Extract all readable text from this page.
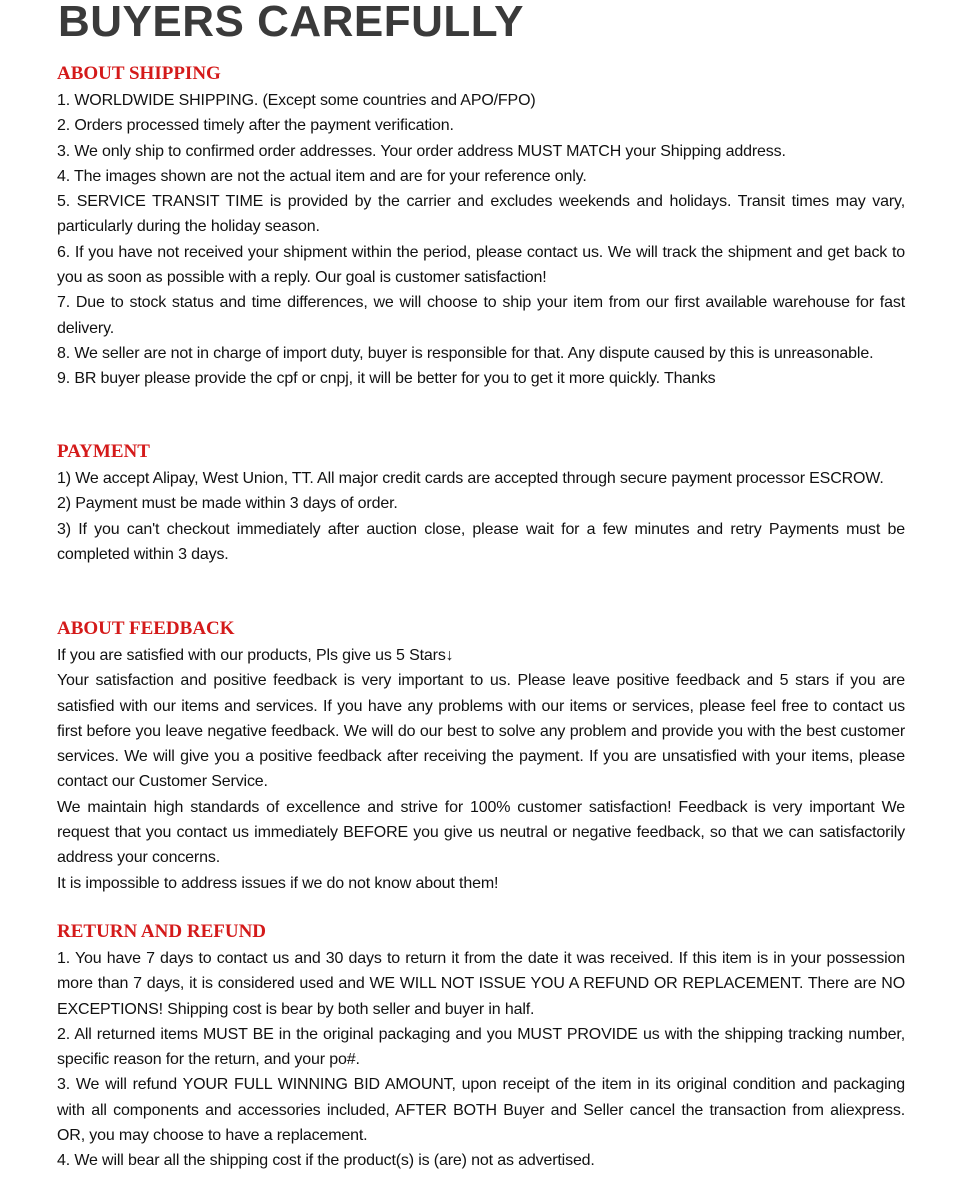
BUYERS CAREFULLY
ABOUT SHIPPING

1. WORLDWIDE SHIPPING. (Except some countries and APO/FPO)

2. Orders processed timely after the payment verification.

3. We only ship to confirmed order addresses. Your order address MUST MATCH your Shipping address.

4. The images shown are not the actual item and are for your reference only.

5. SERVICE TRANSIT TIME is provided by the carrier and excludes weekends and holidays. Transit times may vary, particularly during the holiday season.

6. If you have not received your shipment within the period, please contact us. We will track the shipment and get back to you as soon as possible with a reply. Our goal is customer satisfaction!

7. Due to stock status and time differences, we will choose to ship your item from our first available warehouse for fast delivery.

8. We seller are not in charge of import duty, buyer is responsible for that. Any dispute caused by this is unreasonable.

9. BR buyer please provide the cpf or cnpj, it will be better for you to get it more quickly. Thanks

PAYMENT

1) We accept Alipay, West Union, TT. All major credit cards are accepted through secure payment processor ESCROW.

2) Payment must be made within 3 days of order.

3) If you can't checkout immediately after auction close, please wait for a few minutes and retry Payments must be completed within 3 days.

ABOUT FEEDBACK

If you are satisfied with our products, Pls give us 5 Stars↓

Your satisfaction and positive feedback is very important to us. Please leave positive feedback and 5 stars if you are satisfied with our items and services. If you have any problems with our items or services, please feel free to contact us first before you leave negative feedback. We will do our best to solve any problem and provide you with the best customer services. We will give you a positive feedback after receiving the payment. If you are unsatisfied with your items, please contact our Customer Service.

We maintain high standards of excellence and strive for 100% customer satisfaction! Feedback is very important We request that you contact us immediately BEFORE you give us neutral or negative feedback, so that we can satisfactorily address your concerns.

It is impossible to address issues if we do not know about them!

RETURN AND REFUND

1. You have 7 days to contact us and 30 days to return it from the date it was received. If this item is in your possession more than 7 days, it is considered used and WE WILL NOT ISSUE YOU A REFUND OR REPLACEMENT. There are NO EXCEPTIONS! Shipping cost is bear by both seller and buyer in half.

2. All returned items MUST BE in the original packaging and you MUST PROVIDE us with the shipping tracking number, specific reason for the return, and your po#.

3. We will refund YOUR FULL WINNING BID AMOUNT, upon receipt of the item in its original condition and packaging with all components and accessories included, AFTER BOTH Buyer and Seller cancel the transaction from aliexpress. OR, you may choose to have a replacement.

4. We will bear all the shipping cost if the product(s) is (are) not as advertised.
